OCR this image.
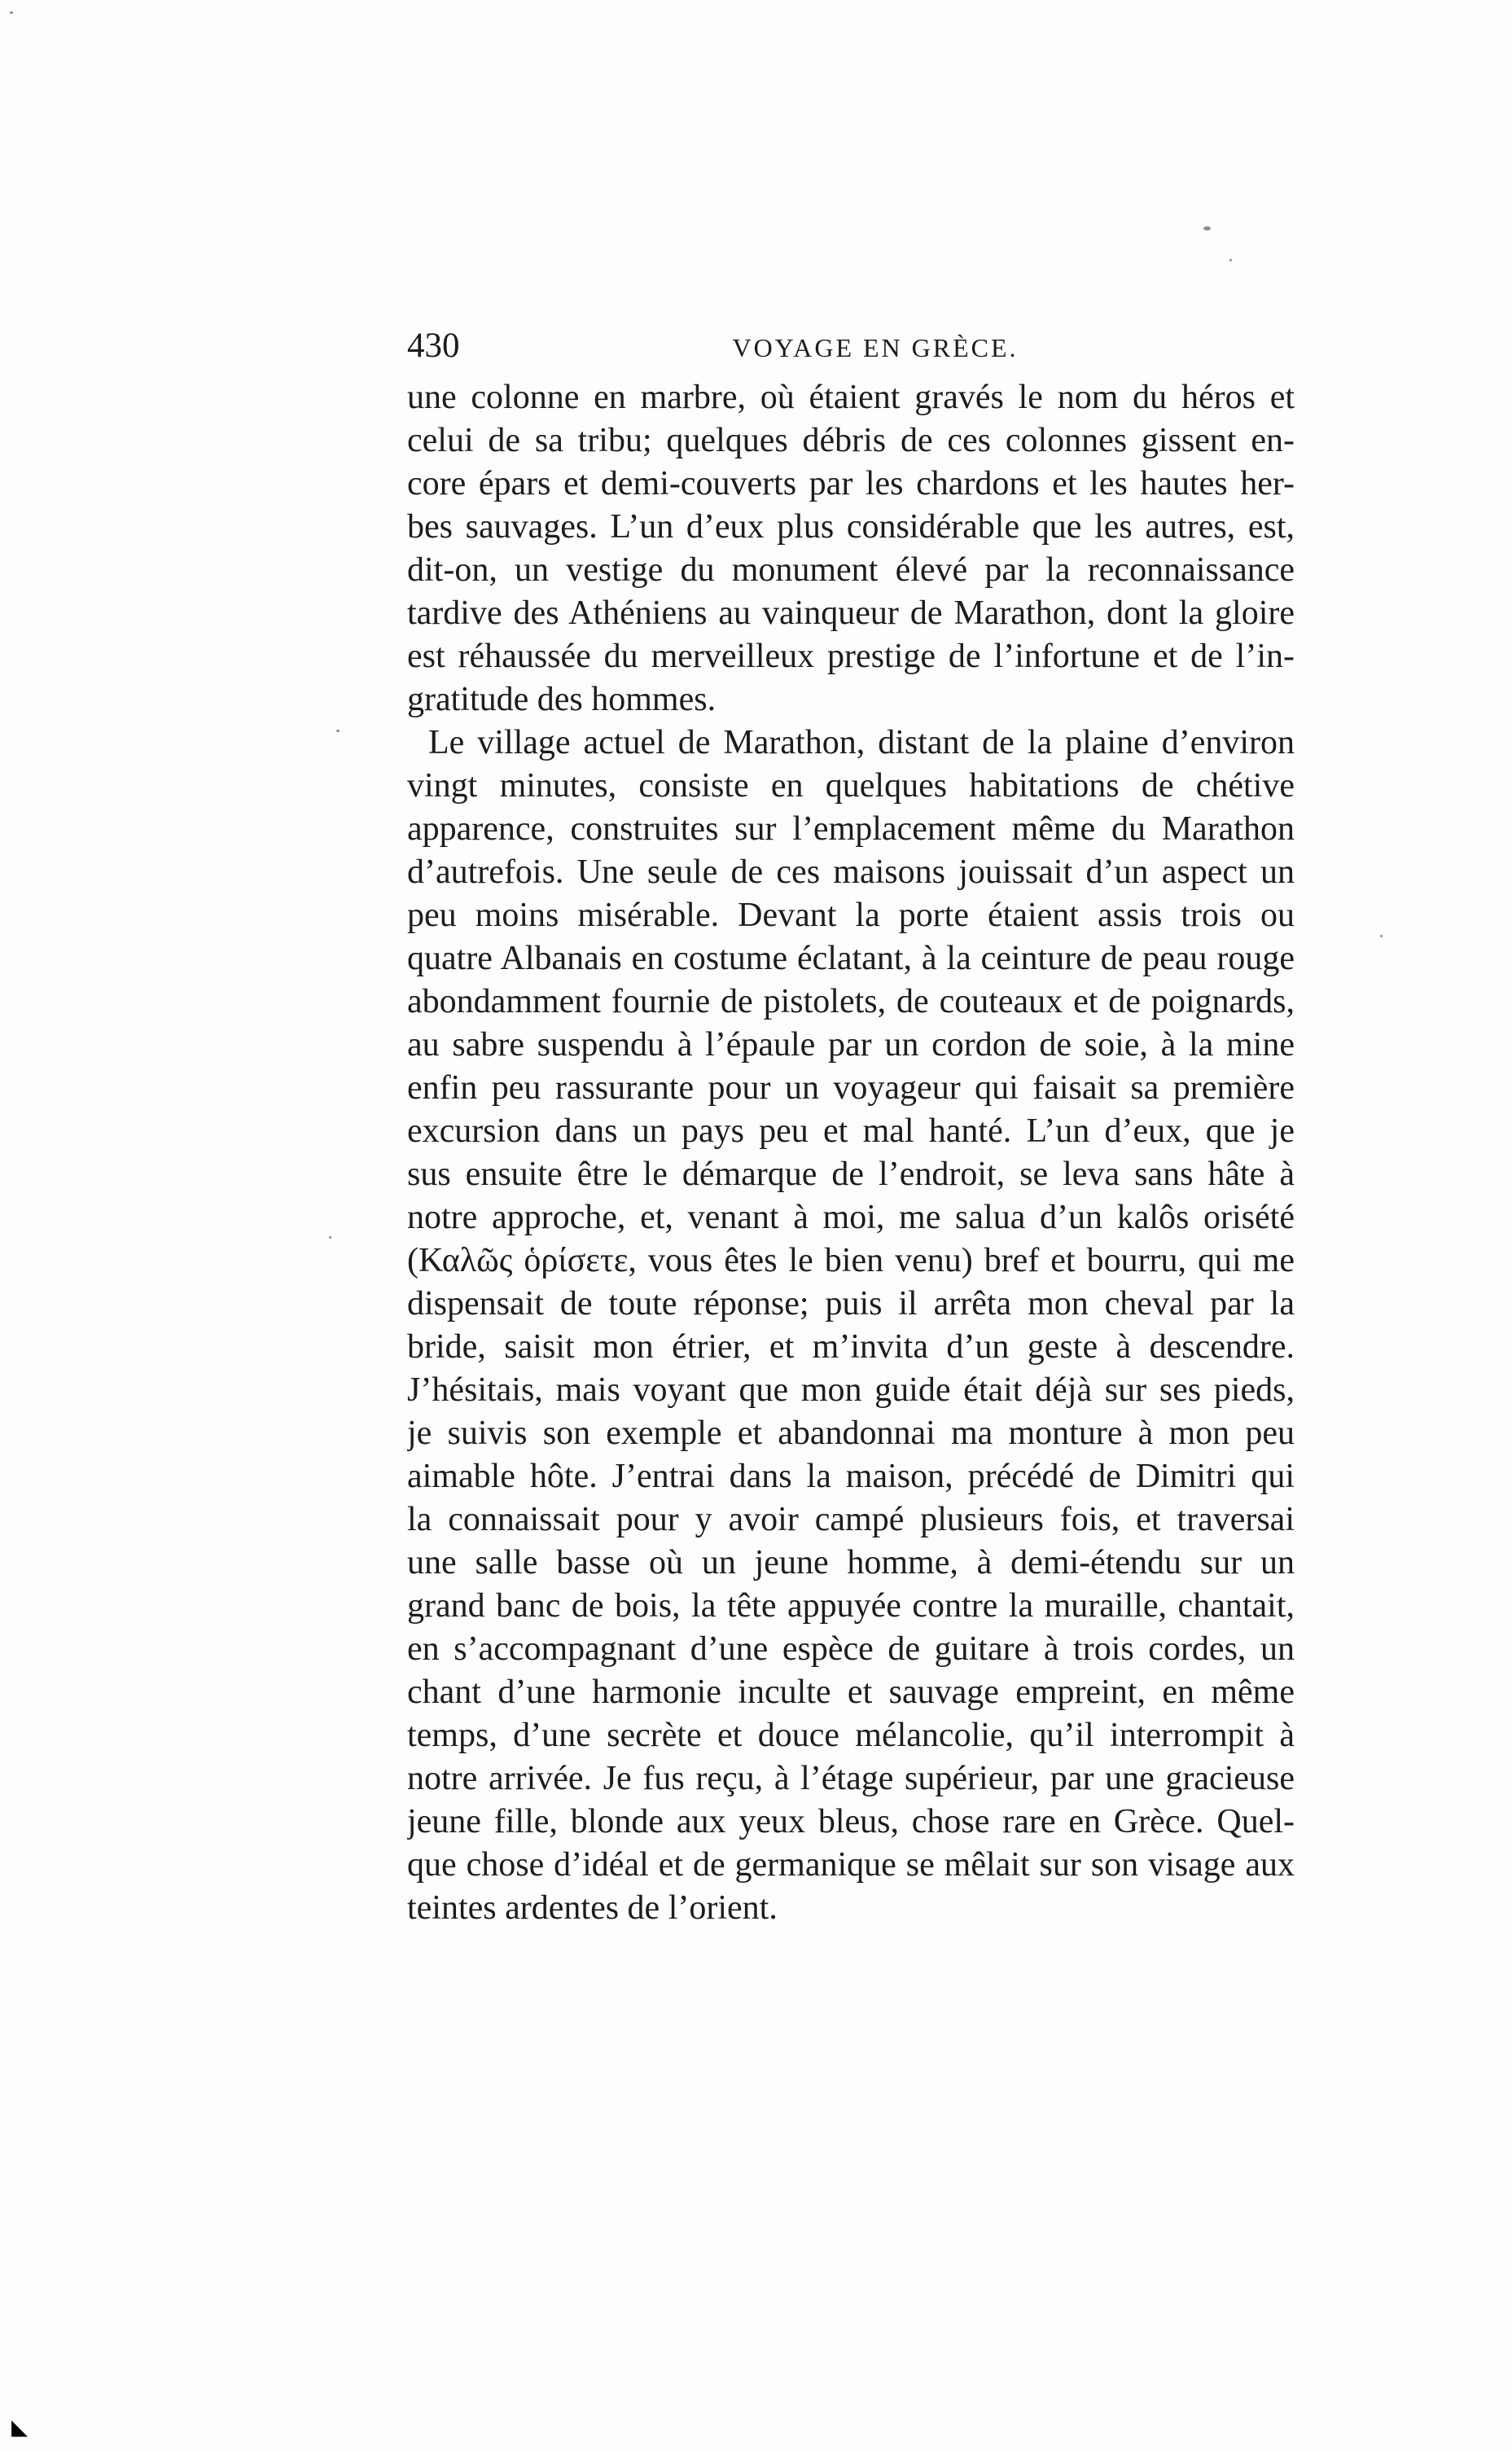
430	VOYAGE EN GRÈCE.
une colonne en marbre, où étaient gravés le nom du héros et
celui de sa tribu; quelques débris de ces colonnes gissent en-
core épars et demi-couverts par les chardons et les hautes her-
bes sauvages. L’un d’eux plus considérable que les autres, est,
dit-on, un vestige du monument élevé par la reconnaissance
tardive des Athéniens au vainqueur de Marathon, dont la gloire
est réhaussée du merveilleux prestige de l’infortune et de l’in-
gratitude des hommes.
Le village actuel de Marathon, distant de la plaine d’environ
vingt minutes, consiste en quelques habitations de chétive
apparence, construites sur l’emplacement même du Marathon
d’autrefois. Une seule de ces maisons jouissait d’un aspect un
peu moins misérable. Devant la porte étaient assis trois ou
quatre Albanais en costume éclatant, à la ceinture de peau rouge
abondamment fournie de pistolets, de couteaux et de poignards,
au sabre suspendu à l’épaule par un cordon de soie, à la mine
enfin peu rassurante pour un voyageur qui faisait sa première
excursion dans un pays peu et mal hanté. L’un d’eux, que je
sus ensuite être le démarque de l’endroit, se leva sans hâte à
notre approche, et, venant à moi, me salua d’un kalôs orisété
(Καλῶς ὁρίσετε, vous êtes le bien venu) bref et bourru, qui me
dispensait de toute réponse; puis il arrêta mon cheval par la
bride, saisit mon étrier, et m’invita d’un geste à descendre.
J’hésitais, mais voyant que mon guide était déjà sur ses pieds,
je suivis son exemple et abandonnai ma monture à mon peu
aimable hôte. J’entrai dans la maison, précédé de Dimitri qui
la connaissait pour y avoir campé plusieurs fois, et traversai
une salle basse où un jeune homme, à demi-étendu sur un
grand banc de bois, la tête appuyée contre la muraille, chantait,
en s’accompagnant d’une espèce de guitare à trois cordes, un
chant d’une harmonie inculte et sauvage empreint, en même
temps, d’une secrète et douce mélancolie, qu’il interrompit à
notre arrivée. Je fus reçu, à l’étage supérieur, par une gracieuse
jeune fille, blonde aux yeux bleus, chose rare en Grèce. Quel-
que chose d’idéal et de germanique se mêlait sur son visage aux
teintes ardentes de l’orient.
◣
